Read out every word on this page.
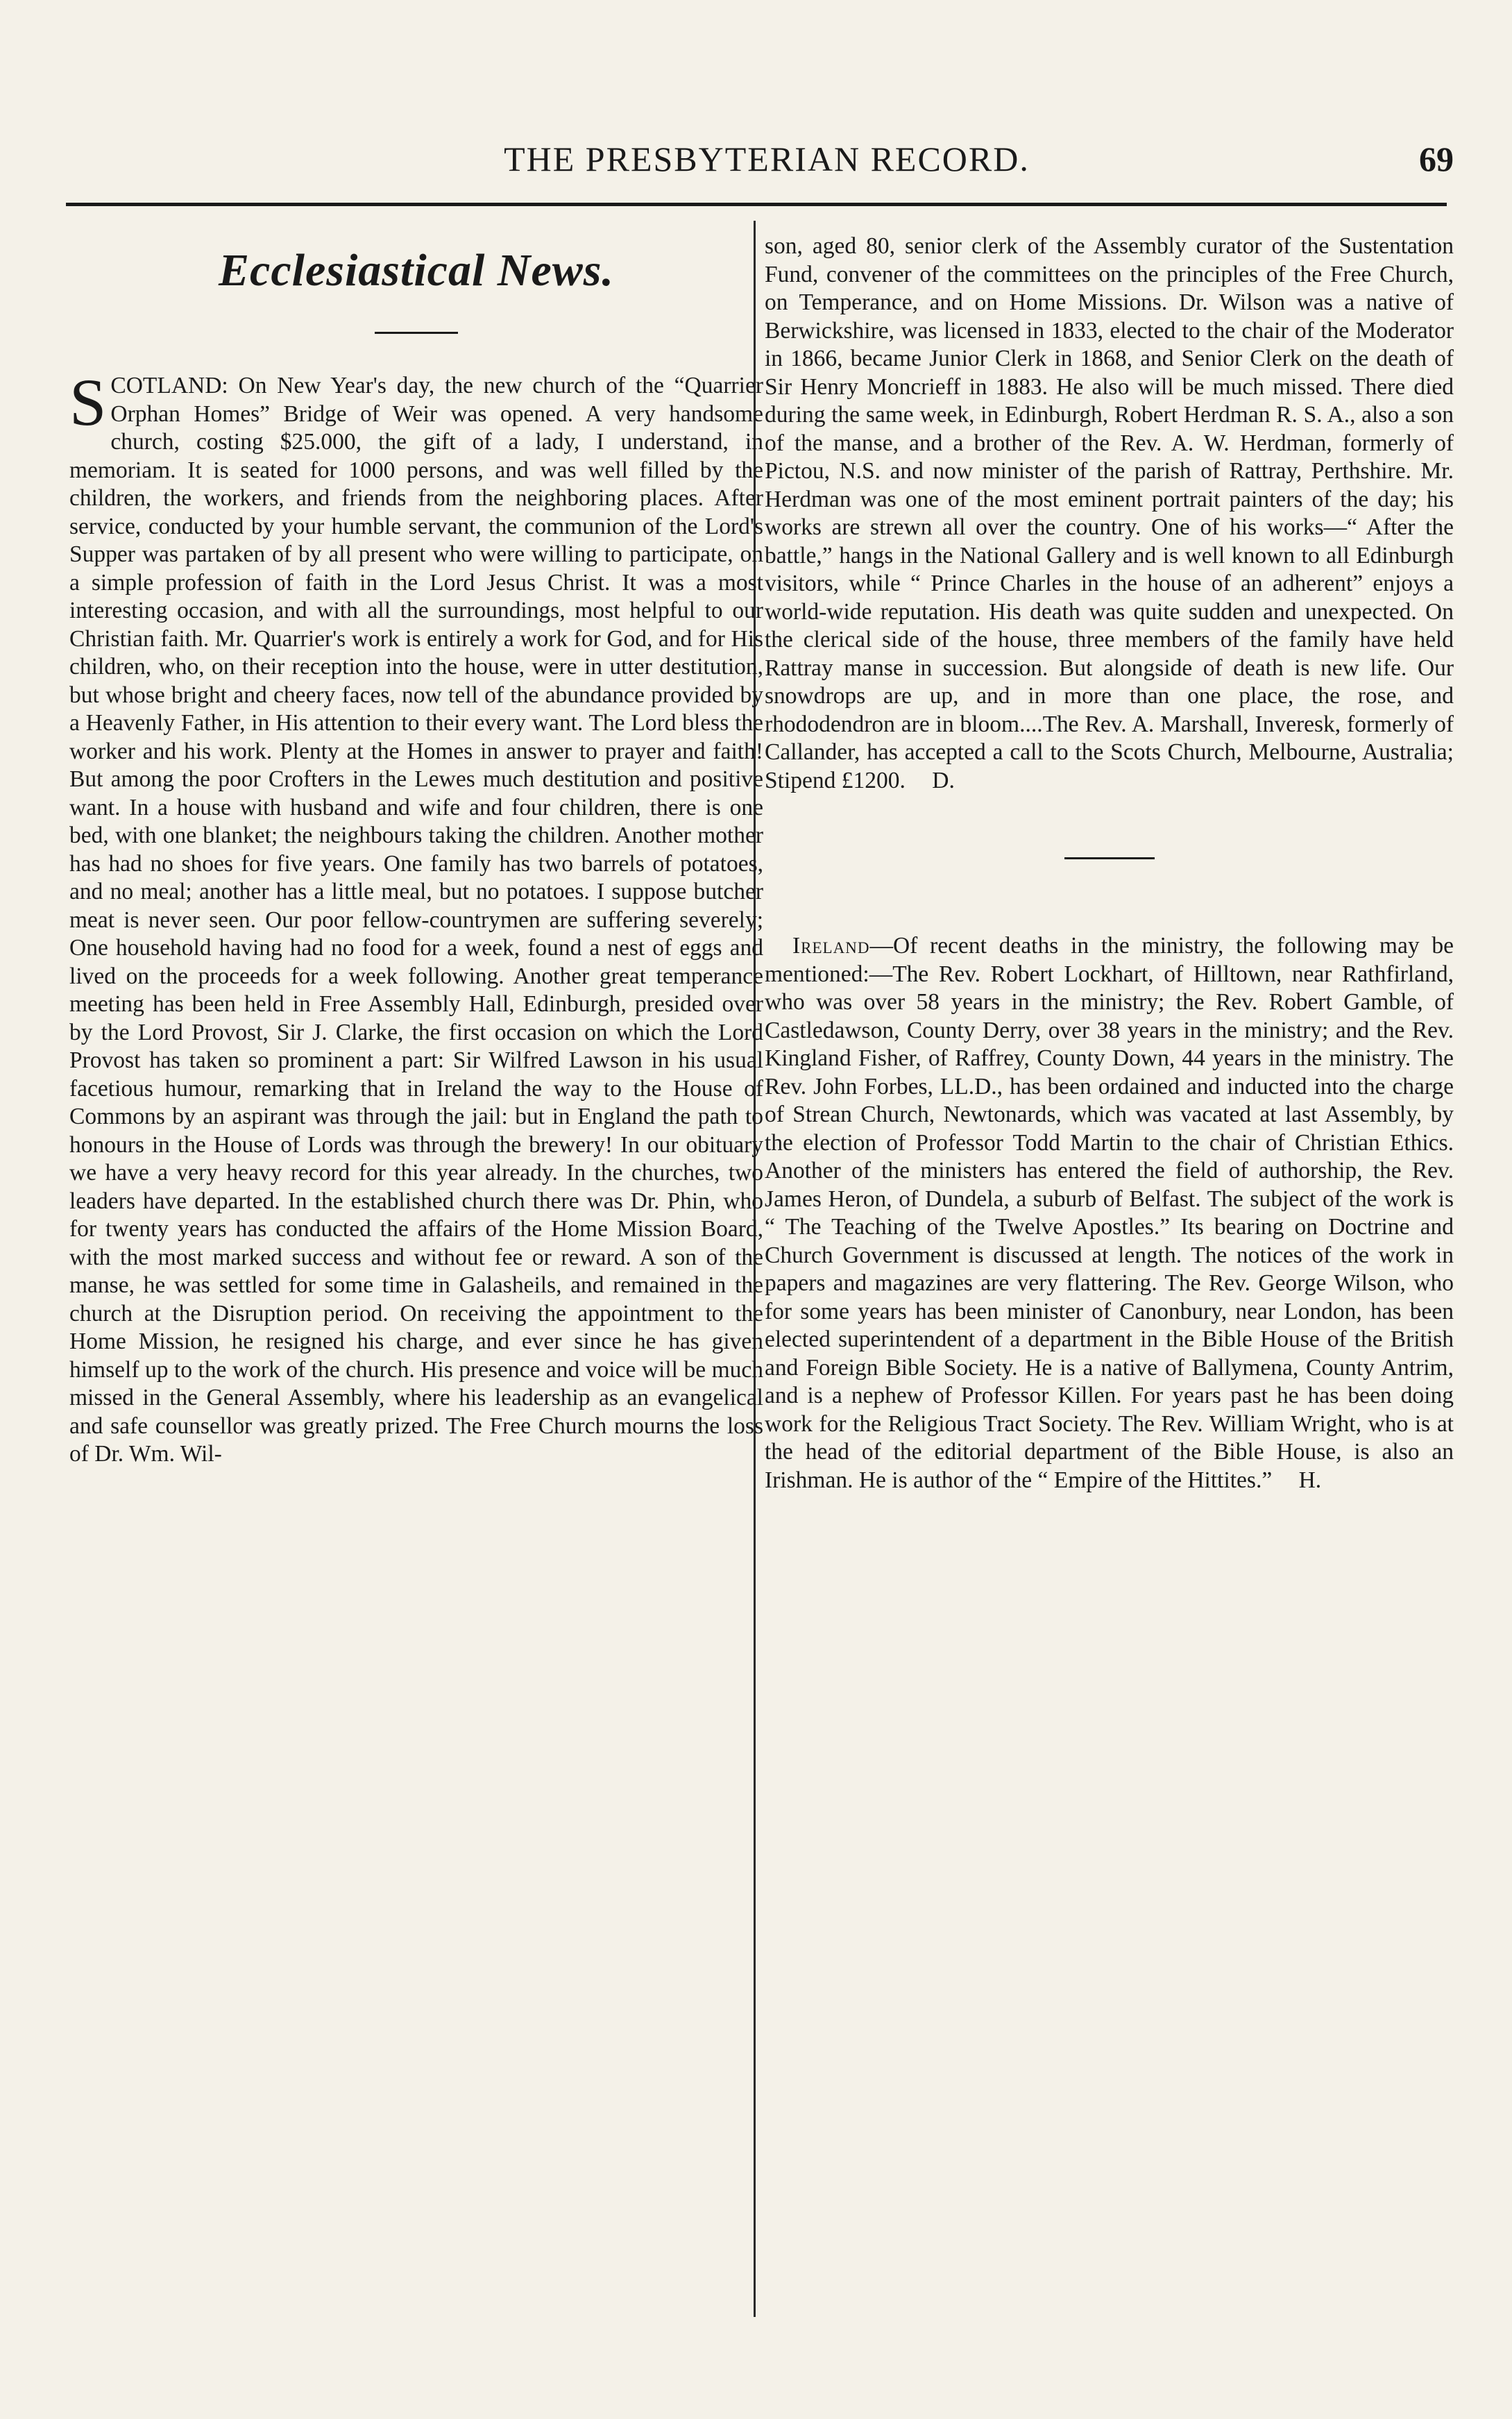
THE PRESBYTERIAN RECORD.	69
Ecclesiastical News.

SCOTLAND: On New Year's day, the new church of the “Quarrier Orphan Homes” Bridge of Weir was opened. A very handsome church, costing $25.000, the gift of a lady, I understand, in memoriam. It is seated for 1000 persons, and was well filled by the children, the workers, and friends from the neighboring places. After service, conducted by your humble servant, the communion of the Lord's Supper was partaken of by all present who were willing to participate, on a simple profession of faith in the Lord Jesus Christ. It was a most interesting occasion, and with all the surroundings, most helpful to our Christian faith. Mr. Quarrier's work is entirely a work for God, and for His children, who, on their reception into the house, were in utter destitution, but whose bright and cheery faces, now tell of the abundance provided by a Heavenly Father, in His attention to their every want. The Lord bless the worker and his work. Plenty at the Homes in answer to prayer and faith! But among the poor Crofters in the Lewes much destitution and positive want. In a house with husband and wife and four children, there is one bed, with one blanket; the neighbours taking the children. Another mother has had no shoes for five years. One family has two barrels of potatoes, and no meal; another has a little meal, but no potatoes. I suppose butcher meat is never seen. Our poor fellow-countrymen are suffering severely; One household having had no food for a week, found a nest of eggs and lived on the proceeds for a week following. Another great temperance meeting has been held in Free Assembly Hall, Edinburgh, presided over by the Lord Provost, Sir J. Clarke, the first occasion on which the Lord Provost has taken so prominent a part: Sir Wilfred Lawson in his usual facetious humour, remarking that in Ireland the way to the House of Commons by an aspirant was through the jail: but in England the path to honours in the House of Lords was through the brewery! In our obituary we have a very heavy record for this year already. In the churches, two leaders have departed. In the established church there was Dr. Phin, who for twenty years has conducted the affairs of the Home Mission Board, with the most marked success and without fee or reward. A son of the manse, he was settled for some time in Galasheils, and remained in the church at the Disruption period. On receiving the appointment to the Home Mission, he resigned his charge, and ever since he has given himself up to the work of the church. His presence and voice will be much missed in the General Assembly, where his leadership as an evangelical and safe counsellor was greatly prized. The Free Church mourns the loss of Dr. Wm. Wil-

son, aged 80, senior clerk of the Assembly curator of the Sustentation Fund, convener of the committees on the principles of the Free Church, on Temperance, and on Home Missions. Dr. Wilson was a native of Berwickshire, was licensed in 1833, elected to the chair of the Moderator in 1866, became Junior Clerk in 1868, and Senior Clerk on the death of Sir Henry Moncrieff in 1883. He also will be much missed. There died during the same week, in Edinburgh, Robert Herdman R. S. A., also a son of the manse, and a brother of the Rev. A. W. Herdman, formerly of Pictou, N.S. and now minister of the parish of Rattray, Perthshire. Mr. Herdman was one of the most eminent portrait painters of the day; his works are strewn all over the country. One of his works—“ After the battle,” hangs in the National Gallery and is well known to all Edinburgh visitors, while “ Prince Charles in the house of an adherent” enjoys a world-wide reputation. His death was quite sudden and unexpected. On the clerical side of the house, three members of the family have held Rattray manse in succession. But alongside of death is new life. Our snowdrops are up, and in more than one place, the rose, and rhododendron are in bloom....The Rev. A. Marshall, Inveresk, formerly of Callander, has accepted a call to the Scots Church, Melbourne, Australia; Stipend £1200. D.

Ireland—Of recent deaths in the ministry, the following may be mentioned:—The Rev. Robert Lockhart, of Hilltown, near Rathfirland, who was over 58 years in the ministry; the Rev. Robert Gamble, of Castledawson, County Derry, over 38 years in the ministry; and the Rev. Kingland Fisher, of Raffrey, County Down, 44 years in the ministry. The Rev. John Forbes, LL.D., has been ordained and inducted into the charge of Strean Church, Newtonards, which was vacated at last Assembly, by the election of Professor Todd Martin to the chair of Christian Ethics. Another of the ministers has entered the field of authorship, the Rev. James Heron, of Dundela, a suburb of Belfast. The subject of the work is “ The Teaching of the Twelve Apostles.” Its bearing on Doctrine and Church Government is discussed at length. The notices of the work in papers and magazines are very flattering. The Rev. George Wilson, who for some years has been minister of Canonbury, near London, has been elected superintendent of a department in the Bible House of the British and Foreign Bible Society. He is a native of Ballymena, County Antrim, and is a nephew of Professor Killen. For years past he has been doing work for the Religious Tract Society. The Rev. William Wright, who is at the head of the editorial department of the Bible House, is also an Irishman. He is author of the “ Empire of the Hittites.” H.
